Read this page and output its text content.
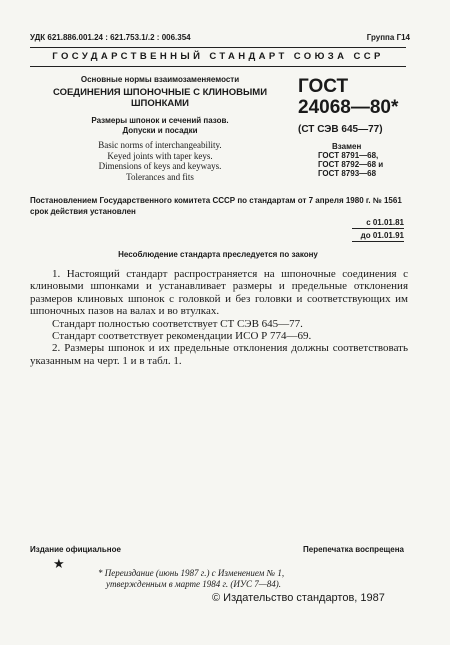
УДК 621.886.001.24 : 621.753.1/.2 : 006.354	Группа Г14
ГОСУДАРСТВЕННЫЙ СТАНДАРТ СОЮЗА ССР
Основные нормы взаимозаменяемости
СОЕДИНЕНИЯ ШПОНОЧНЫЕ С КЛИНОВЫМИ
ШПОНКАМИ
Размеры шпонок и сечений пазов.
Допуски и посадки
Basic norms of interchangeability.
Keyed joints with taper keys.
Dimensions of keys and keyways.
Tolerances and fits
ГОСТ
24068—80*
(СТ СЭВ 645—77)
Взамен
ГОСТ 8791—68,
ГОСТ 8792—68 и
ГОСТ 8793—68
Постановлением Государственного комитета СССР по стандартам от 7 апреля 1980 г. № 1561 срок действия установлен
с 01.01.81
до 01.01.91
Несоблюдение стандарта преследуется по закону

1. Настоящий стандарт распространяется на шпоночные соединения с клиновыми шпонками и устанавливает размеры и предельные отклонения размеров клиновых шпонок с головкой и без головки и соответствующих им шпоночных пазов на валах и во втулках.

Стандарт полностью соответствует СТ СЭВ 645—77.

Стандарт соответствует рекомендации ИСО Р 774—69.

2. Размеры шпонок и их предельные отклонения должны соответствовать указанным на черт. 1 и в табл. 1.

Издание официальное	Перепечатка воспрещена
★
* Переиздание (июнь 1987 г.) с Изменением № 1,
утвержденным в марте 1984 г. (ИУС 7—84).
© Издательство стандартов, 1987
